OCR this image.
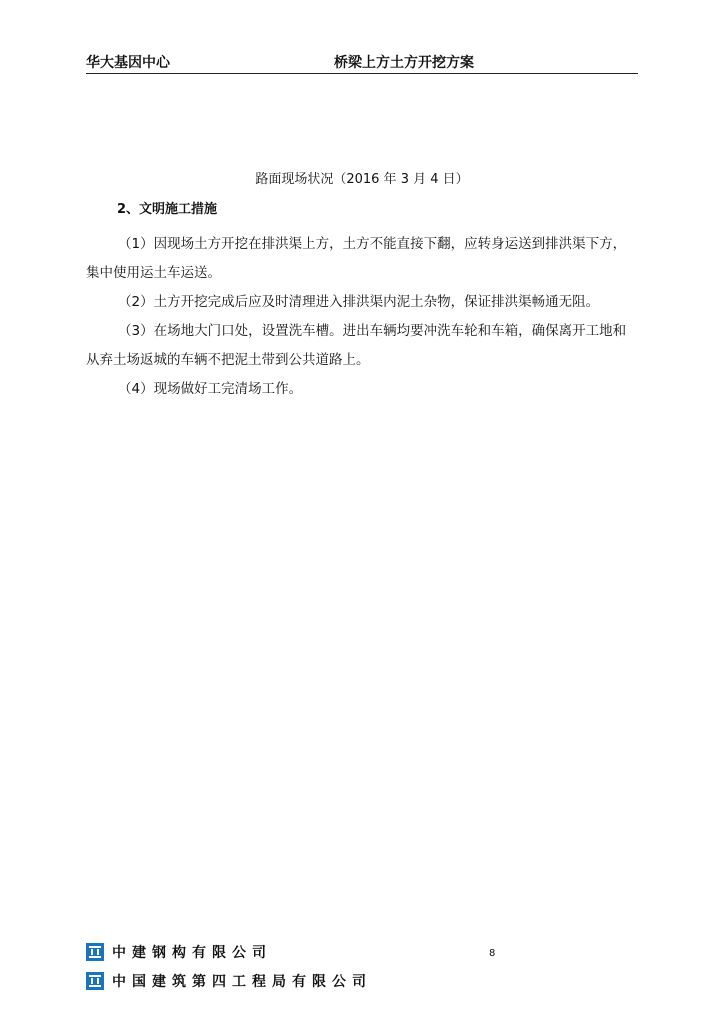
华大基因中心	桥梁上方土方开挖方案
路面现场状况（2016 年 3 月 4 日）
2、文明施工措施
（1）因现场土方开挖在排洪渠上方，土方不能直接下翻，应转身运送到排洪渠下方，集中使用运土车运送。
（2）土方开挖完成后应及时清理进入排洪渠内泥土杂物，保证排洪渠畅通无阻。
（3）在场地大门口处，设置洗车槽。进出车辆均要冲洗车轮和车箱，确保离开工地和从弃土场返城的车辆不把泥土带到公共道路上。
（4）现场做好工完清场工作。
中建钢构有限公司
中国建筑第四工程局有限公司
8
